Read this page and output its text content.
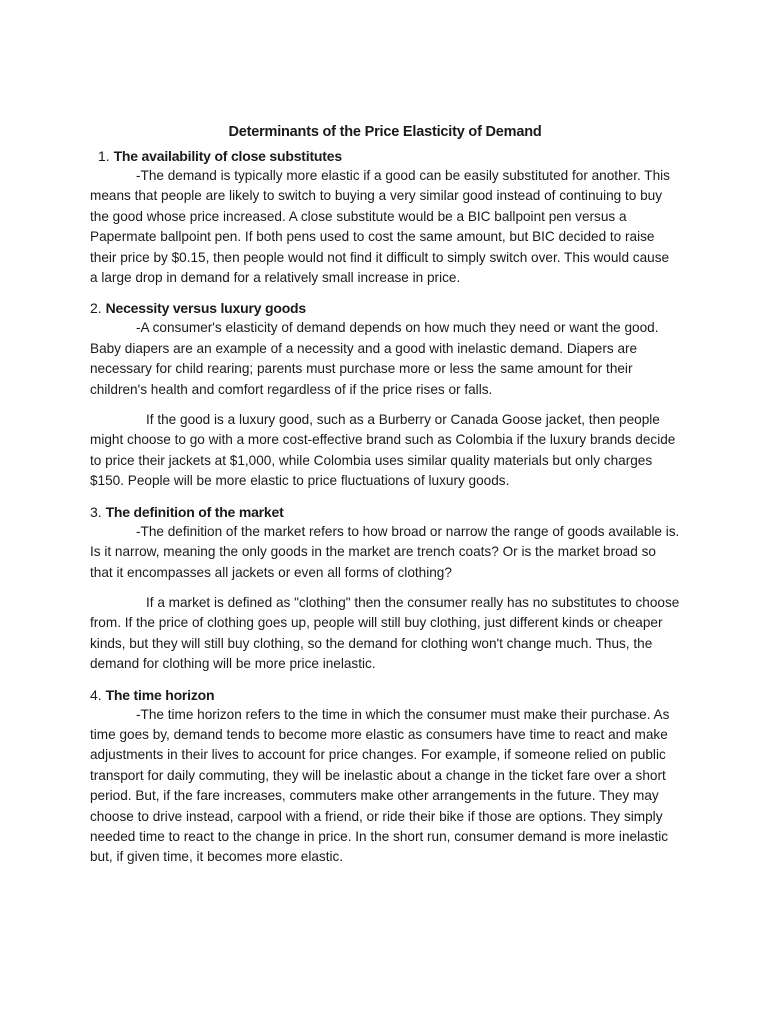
Determinants of the Price Elasticity of Demand
1. The availability of close substitutes

-The demand is typically more elastic if a good can be easily substituted for another. This means that people are likely to switch to buying a very similar good instead of continuing to buy the good whose price increased. A close substitute would be a BIC ballpoint pen versus a Papermate ballpoint pen. If both pens used to cost the same amount, but BIC decided to raise their price by $0.15, then people would not find it difficult to simply switch over. This would cause a large drop in demand for a relatively small increase in price.

2. Necessity versus luxury goods

-A consumer's elasticity of demand depends on how much they need or want the good. Baby diapers are an example of a necessity and a good with inelastic demand. Diapers are necessary for child rearing; parents must purchase more or less the same amount for their children's health and comfort regardless of if the price rises or falls.

If the good is a luxury good, such as a Burberry or Canada Goose jacket, then people might choose to go with a more cost-effective brand such as Colombia if the luxury brands decide to price their jackets at $1,000, while Colombia uses similar quality materials but only charges $150. People will be more elastic to price fluctuations of luxury goods.

3. The definition of the market

-The definition of the market refers to how broad or narrow the range of goods available is. Is it narrow, meaning the only goods in the market are trench coats? Or is the market broad so that it encompasses all jackets or even all forms of clothing?

If a market is defined as "clothing" then the consumer really has no substitutes to choose from. If the price of clothing goes up, people will still buy clothing, just different kinds or cheaper kinds, but they will still buy clothing, so the demand for clothing won't change much. Thus, the demand for clothing will be more price inelastic.

4. The time horizon

-The time horizon refers to the time in which the consumer must make their purchase. As time goes by, demand tends to become more elastic as consumers have time to react and make adjustments in their lives to account for price changes. For example, if someone relied on public transport for daily commuting, they will be inelastic about a change in the ticket fare over a short period. But, if the fare increases, commuters make other arrangements in the future. They may choose to drive instead, carpool with a friend, or ride their bike if those are options. They simply needed time to react to the change in price. In the short run, consumer demand is more inelastic but, if given time, it becomes more elastic.
